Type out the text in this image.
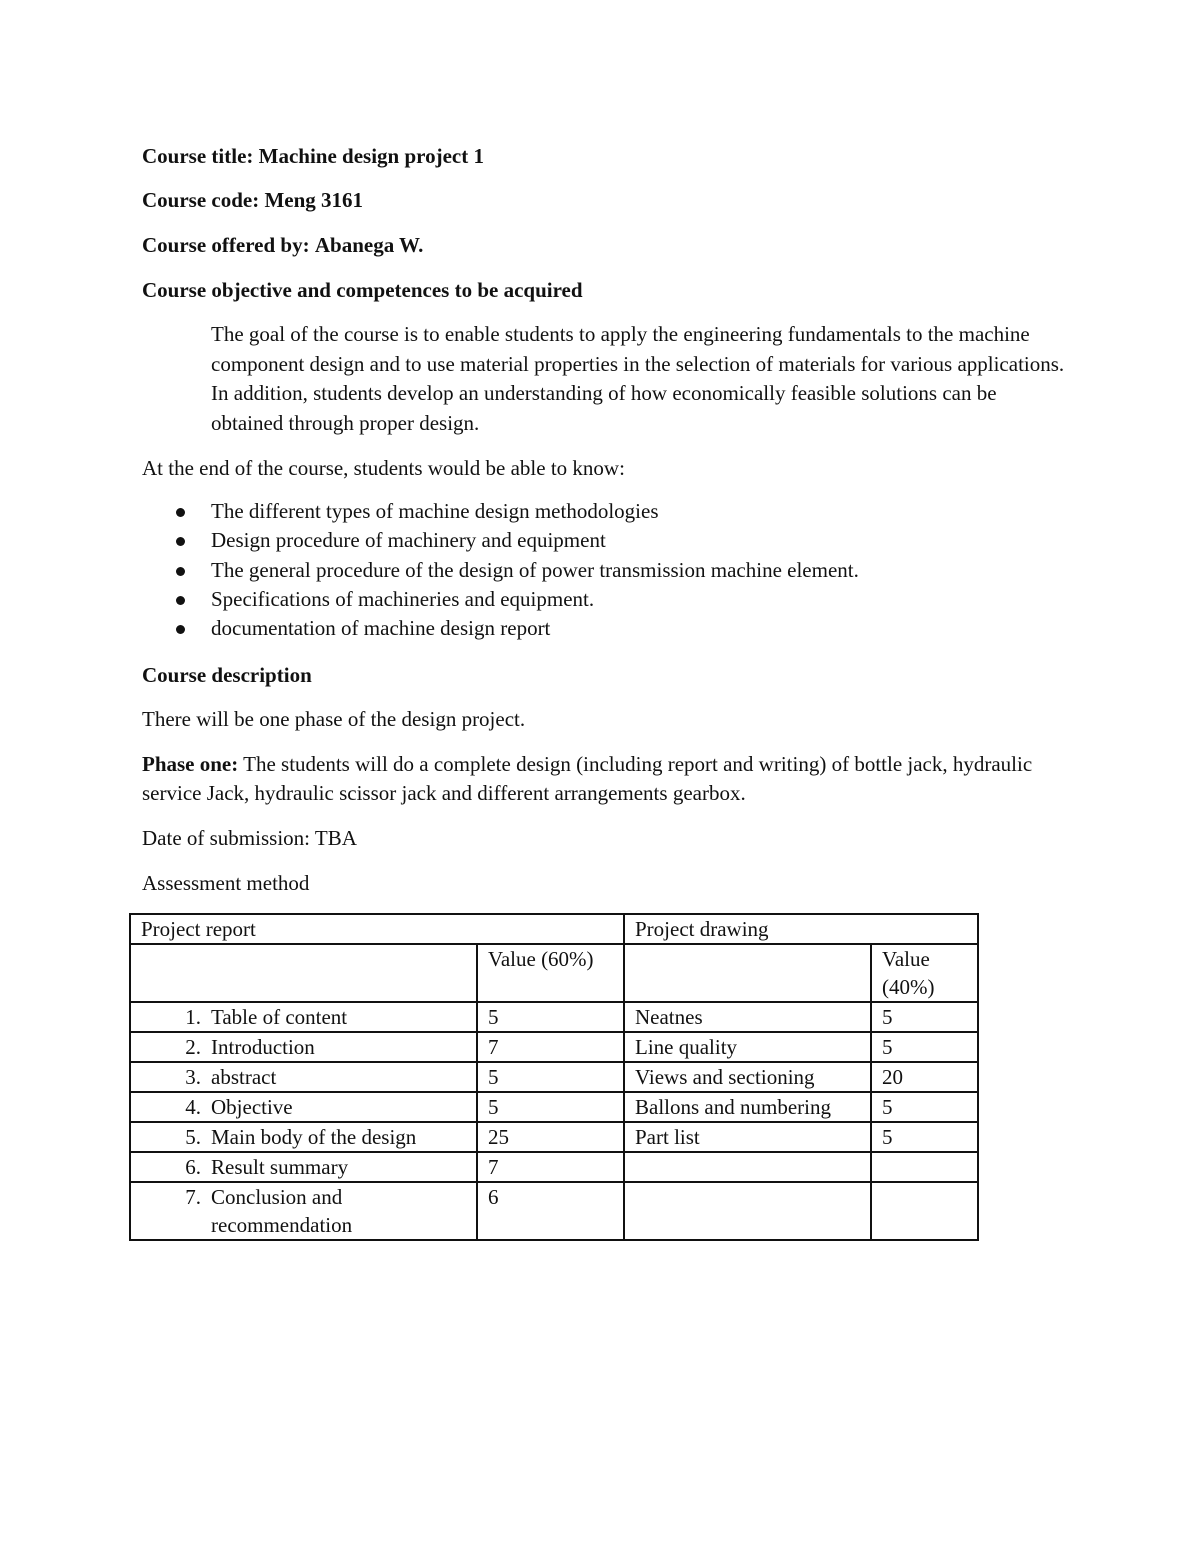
Course title: Machine design project 1
Course code: Meng 3161
Course offered by: Abanega W.
Course objective and competences to be acquired
The goal of the course is to enable students to apply the engineering fundamentals to the machine component design and to use material properties in the selection of materials for various applications. In addition, students develop an understanding of how economically feasible solutions can be obtained through proper design.
At the end of the course, students would be able to know:
The different types of machine design methodologies
Design procedure of machinery and equipment
The general procedure of the design of power transmission machine element.
Specifications of machineries and equipment.
documentation of machine design report
Course description
There will be one phase of the design project.
Phase one: The students will do a complete design (including report and writing) of bottle jack, hydraulic service Jack, hydraulic scissor jack and different arrangements gearbox.
Date of submission: TBA
Assessment method
Project report		Project drawing	
	Value (60%)		Value (40%)
1. Table of content	5	Neatnes	5
2. Introduction	7	Line quality	5
3. abstract	5	Views and sectioning	20
4. Objective	5	Ballons and numbering	5
5. Main body of the design	25	Part list	5
6. Result summary	7		
7. Conclusion and recommendation	6		
